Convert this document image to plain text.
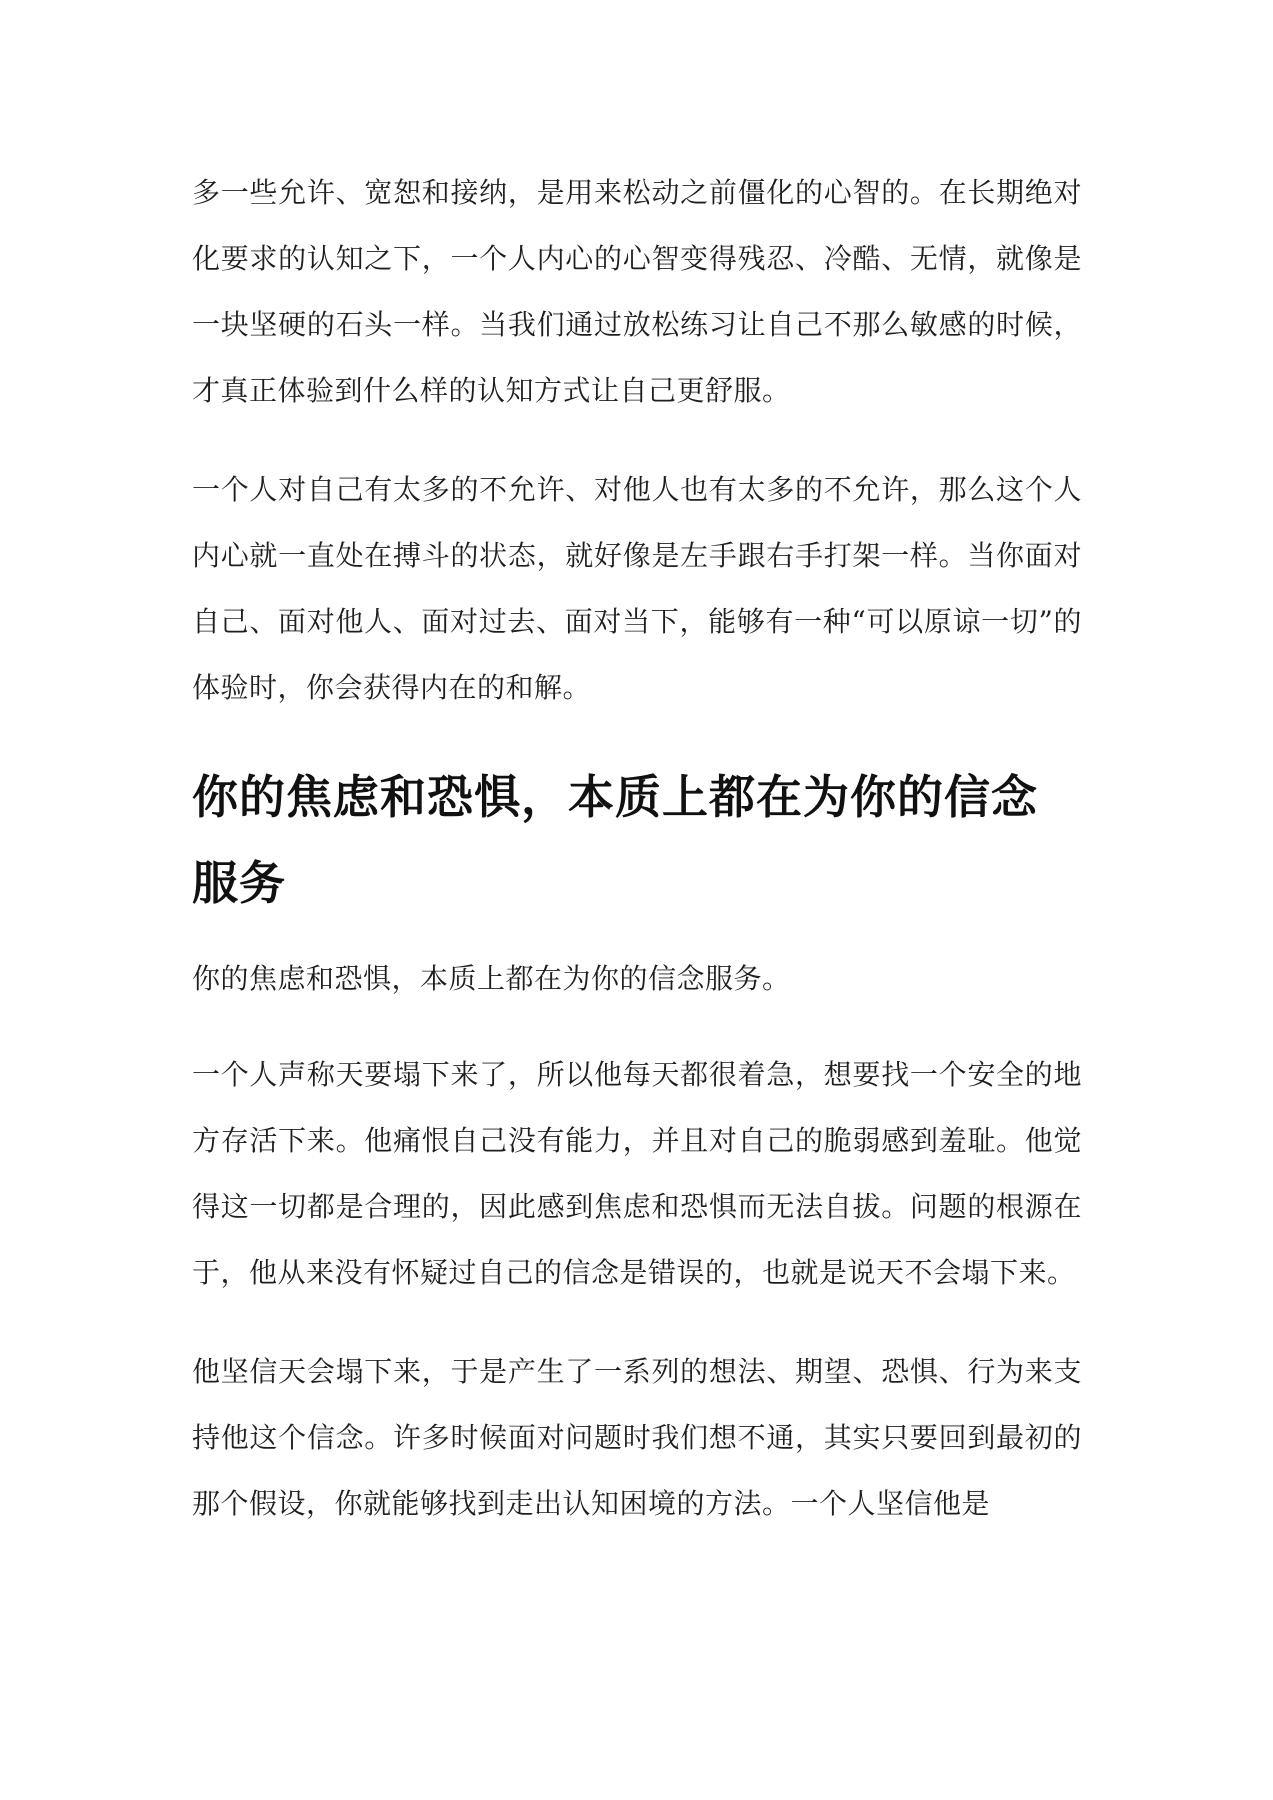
多一些允许、宽恕和接纳，是用来松动之前僵化的心智的。在长期绝对化要求的认知之下，一个人内心的心智变得残忍、冷酷、无情，就像是一块坚硬的石头一样。当我们通过放松练习让自己不那么敏感的时候，才真正体验到什么样的认知方式让自己更舒服。

一个人对自己有太多的不允许、对他人也有太多的不允许，那么这个人内心就一直处在搏斗的状态，就好像是左手跟右手打架一样。当你面对自己、面对他人、面对过去、面对当下，能够有一种“可以原谅一切”的体验时，你会获得内在的和解。

你的焦虑和恐惧，本质上都在为你的信念服务

你的焦虑和恐惧，本质上都在为你的信念服务。

一个人声称天要塌下来了，所以他每天都很着急，想要找一个安全的地方存活下来。他痛恨自己没有能力，并且对自己的脆弱感到羞耻。他觉得这一切都是合理的，因此感到焦虑和恐惧而无法自拔。问题的根源在于，他从来没有怀疑过自己的信念是错误的，也就是说天不会塌下来。

他坚信天会塌下来，于是产生了一系列的想法、期望、恐惧、行为来支持他这个信念。许多时候面对问题时我们想不通，其实只要回到最初的那个假设，你就能够找到走出认知困境的方法。一个人坚信他是
